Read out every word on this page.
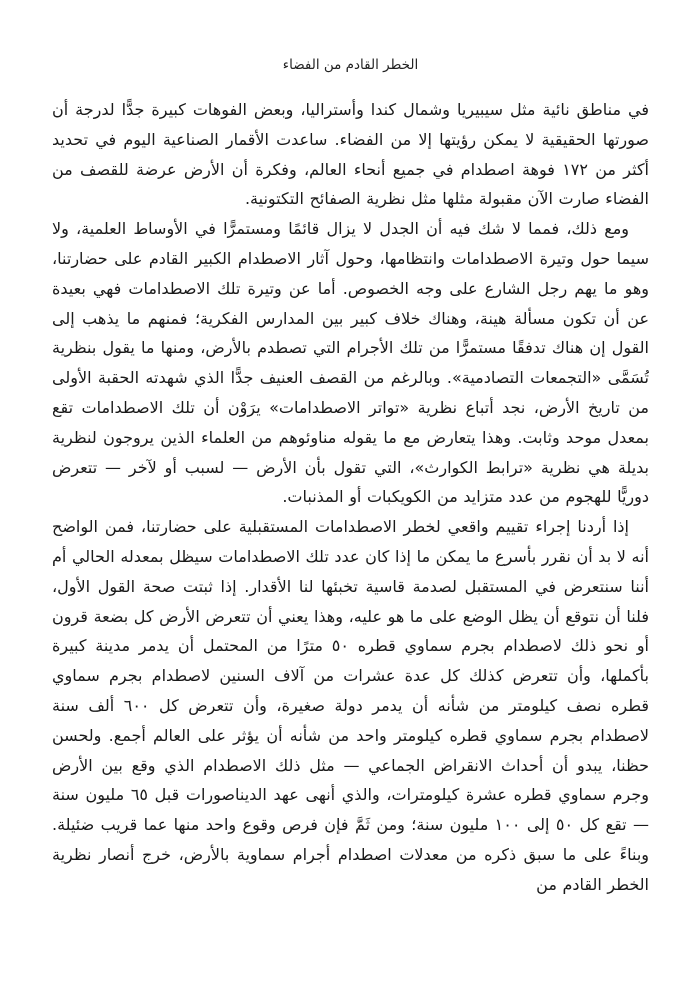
الخطر القادم من الفضاء

في مناطق نائية مثل سيبيريا وشمال كندا وأستراليا، وبعض الفوهات كبيرة جدًّا لدرجة أن صورتها الحقيقية لا يمكن رؤيتها إلا من الفضاء. ساعدت الأقمار الصناعية اليوم في تحديد أكثر من ١٧٢ فوهة اصطدام في جميع أنحاء العالم، وفكرة أن الأرض عرضة للقصف من الفضاء صارت الآن مقبولة مثلها مثل نظرية الصفائح التكتونية.

ومع ذلك، فمما لا شك فيه أن الجدل لا يزال قائمًا ومستمرًّا في الأوساط العلمية، ولا سيما حول وتيرة الاصطدامات وانتظامها، وحول آثار الاصطدام الكبير القادم على حضارتنا، وهو ما يهم رجل الشارع على وجه الخصوص. أما عن وتيرة تلك الاصطدامات فهي بعيدة عن أن تكون مسألة هينة، وهناك خلاف كبير بين المدارس الفكرية؛ فمنهم ما يذهب إلى القول إن هناك تدفقًا مستمرًّا من تلك الأجرام التي تصطدم بالأرض، ومنها ما يقول بنظرية تُسَمَّى «التجمعات التصادمية». وبالرغم من القصف العنيف جدًّا الذي شهدته الحقبة الأولى من تاريخ الأرض، نجد أتباع نظرية «تواتر الاصطدامات» يرَوْن أن تلك الاصطدامات تقع بمعدل موحد وثابت. وهذا يتعارض مع ما يقوله مناوئوهم من العلماء الذين يروجون لنظرية بديلة هي نظرية «ترابط الكوارث»، التي تقول بأن الأرض — لسبب أو لآخر — تتعرض دوريًّا للهجوم من عدد متزايد من الكويكبات أو المذنبات.

إذا أردنا إجراء تقييم واقعي لخطر الاصطدامات المستقبلية على حضارتنا، فمن الواضح أنه لا بد أن نقرر بأسرع ما يمكن ما إذا كان عدد تلك الاصطدامات سيظل بمعدله الحالي أم أننا سنتعرض في المستقبل لصدمة قاسية تخبئها لنا الأقدار. إذا ثبتت صحة القول الأول، فلنا أن نتوقع أن يظل الوضع على ما هو عليه، وهذا يعني أن تتعرض الأرض كل بضعة قرون أو نحو ذلك لاصطدام بجرم سماوي قطره ٥٠ مترًا من المحتمل أن يدمر مدينة كبيرة بأكملها، وأن تتعرض كذلك كل عدة عشرات من آلاف السنين لاصطدام بجرم سماوي قطره نصف كيلومتر من شأنه أن يدمر دولة صغيرة، وأن تتعرض كل ٦٠٠ ألف سنة لاصطدام بجرم سماوي قطره كيلومتر واحد من شأنه أن يؤثر على العالم أجمع. ولحسن حظنا، يبدو أن أحداث الانقراض الجماعي — مثل ذلك الاصطدام الذي وقع بين الأرض وجرم سماوي قطره عشرة كيلومترات، والذي أنهى عهد الديناصورات قبل ٦٥ مليون سنة — تقع كل ٥٠ إلى ١٠٠ مليون سنة؛ ومن ثَمَّ فإن فرص وقوع واحد منها عما قريب ضئيلة. وبناءً على ما سبق ذكره من معدلات اصطدام أجرام سماوية بالأرض، خرج أنصار نظرية الخطر القادم من
